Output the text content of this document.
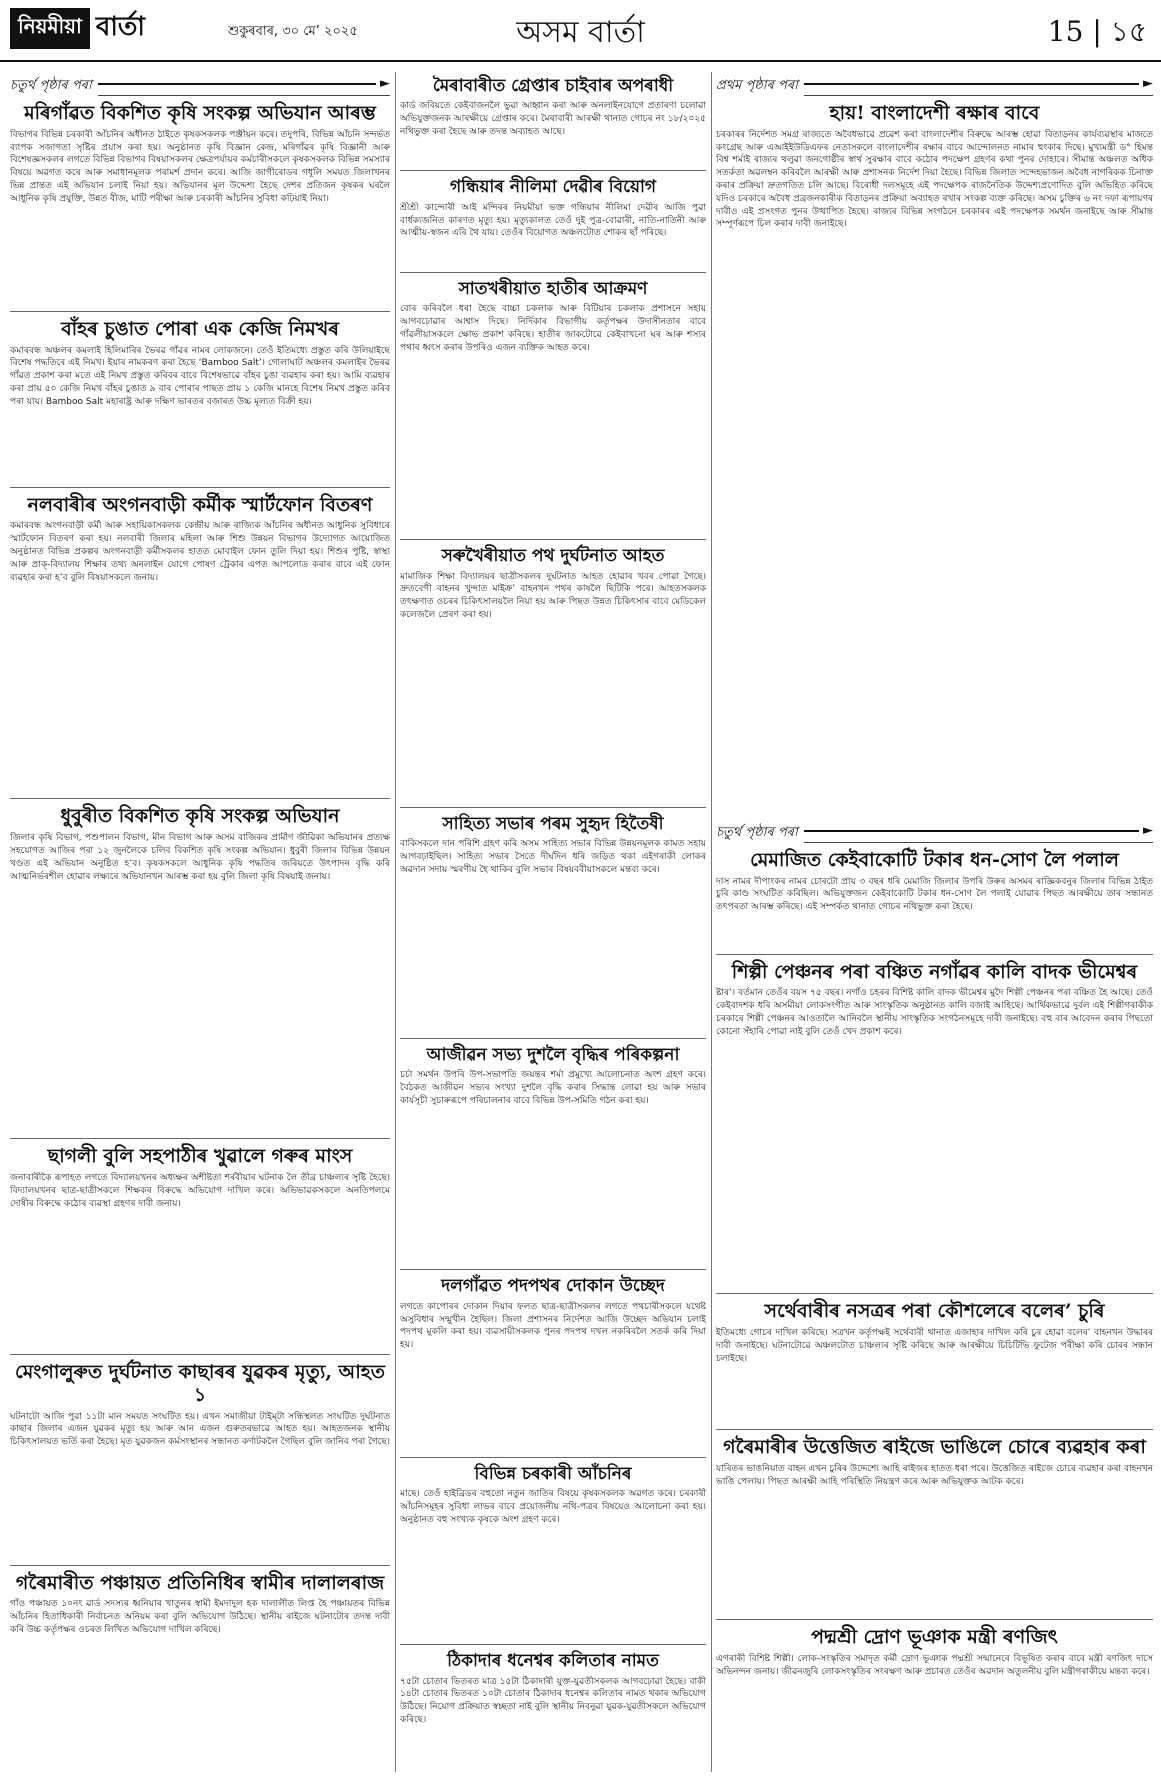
নিয়মীয়া বাৰ্তা	শুকুৰবাৰ, ৩০ মে’ ২০২৫	অসম বাৰ্তা	15 | ১৫
চতুৰ্থ পৃষ্ঠাৰ পৰা	►
মৰিগাঁৱত বিকশিত কৃষি সংকল্প অভিযান আৰম্ভ
বিভাগৰ বিভিন্ন চৰকাৰী আঁচনিৰ অধীনত ঠাইতে কৃষকসকলক পঞ্জীয়ন কৰে। তদুপৰি, বিভিন্ন আঁচনি সন্দৰ্ভত ব্যাপক সজাগতা সৃষ্টিৰ প্ৰয়াস কৰা হয়। অনুষ্ঠানত কৃষি বিজ্ঞান কেন্দ্ৰ, মৰিগাঁৱৰ কৃষি বিজ্ঞানী আৰু বিশেষজ্ঞসকলৰ লগতে বিভিন্ন বিভাগৰ বিষয়াসকলৰ ক্ষেত্ৰপৰ্যায়ৰ কৰ্মচাৰীসকলে কৃষকসকলক বিভিন্ন সমস্যাৰ বিষয়ে অৱগত কৰে আৰু সমাধানমূলক পৰামৰ্শ প্ৰদান কৰে। আজি জাগীৰোডৰ গধূলি সময়ত জিলাখনৰ ভিন্ন প্ৰান্তত এই অভিযান চলাই নিয়া হয়। অভিযানৰ মূল উদ্দেশ্য হৈছে দেশৰ প্ৰতিজন কৃষকৰ ঘৰলৈ আধুনিক কৃষি প্ৰযুক্তি, উন্নত বীজ, মাটি পৰীক্ষা আৰু চৰকাৰী আঁচনিৰ সুবিধা কঢ়িয়াই নিয়া।
বাঁহৰ চুঙাত পোৰা এক কেজি নিমখৰ
কমাৰবন্ধ অঞ্চলৰ কমলাই হিলিমাৰিৰ ভৈৰৱ গাঁৱৰ নামৰ লোকজনে। তেওঁ ইতিমধ্যে প্ৰস্তুত কৰি উলিয়াইছে বিশেষ পদ্ধতিৰে এই নিমখ। ইয়াৰ নামকৰণ কৰা হৈছে ‘Bamboo Salt’। গোলাঘাট অঞ্চলৰ কমলাইৰ ভৈৰৱ গাঁৱত প্ৰকাশ কৰা মতে এই নিমখ প্ৰস্তুত কৰিবৰ বাবে বিশেষভাৱে বাঁহৰ চুঙা ব্যৱহাৰ কৰা হয়। আমি ব্যৱহাৰ কৰা প্ৰায় ৫০ কেজি নিমখ বাঁহৰ চুঙাত ৯ বাৰ পোৰাৰ পাছত প্ৰায় ১ কেজি মানহে বিশেষ নিমখ প্ৰস্তুত কৰিব পৰা যায়। Bamboo Salt মহাৰাষ্ট্ৰ আৰু দক্ষিণ ভাৰতৰ বজাৰত উচ্চ মূল্যত বিক্ৰী হয়।
নলবাৰীৰ অংগনবাড়ী কৰ্মীক স্মাৰ্টফোন বিতৰণ
কমাৰবন্ধ অংগনবাড়ী কৰ্মী আৰু সহায়িকাসকলক কেন্দ্ৰীয় আৰু ৰাজ্যিক আঁচনিৰ অধীনত আধুনিক সুবিধাৰে স্মাৰ্টফোন বিতৰণ কৰা হয়। নলবাৰী জিলাৰ মহিলা আৰু শিশু উন্নয়ন বিভাগৰ উদ্যোগত আয়োজিত অনুষ্ঠানত বিভিন্ন প্ৰকল্পৰ অংগনবাড়ী কৰ্মীসকলৰ হাতত মোবাইল ফোন তুলি দিয়া হয়। শিশুৰ পুষ্টি, স্বাস্থ্য আৰু প্ৰাক্‌-বিদ্যালয় শিক্ষাৰ তথ্য অনলাইন যোগে পোষণ ট্ৰেকাৰ এপত আপলোড কৰাৰ বাবে এই ফোন ব্যৱহাৰ কৰা হ’ব বুলি বিষয়াসকলে জনায়।
ধুবুৰীত বিকশিত কৃষি সংকল্প অভিযান
জিলাৰ কৃষি বিভাগ, পশুপালন বিভাগ, মীন বিভাগ আৰু অসম বাজিকৰ প্ৰামীণ জীৱিকা অভিযানৰ প্ৰত্যক্ষ সহযোগত আজিৰ পৰা ১২ জুনলৈকে চলিব বিকশিত কৃষি সংকল্প অভিযান। ধুবুৰী জিলাৰ বিভিন্ন উন্নয়ন খণ্ডত এই অভিযান অনুষ্ঠিত হ’ব। কৃষকসকলে আধুনিক কৃষি পদ্ধতিৰ জৰিয়তে উৎপাদন বৃদ্ধি কৰি আত্মনিৰ্ভৰশীল হোৱাৰ লক্ষ্যৰে অভিযানখন আৰম্ভ কৰা হয় বুলি জিলা কৃষি বিষয়াই জনায়।
ছাগলী বুলি সহপাঠীৰ খুৱালে গৰুৰ মাংস
জনাবাৰীকৈ ৰূপাহত লগতে বিদ্যালয়খনৰ অধ্যক্ষৰ অশীষ্টতা শৰ্ৰবীয়াৰ ঘটনাক লৈ তীব্ৰ চাঞ্চল্যৰ সৃষ্টি হৈছে। বিদ্যালয়খনৰ ছাত্ৰ-ছাত্ৰীসকলে শিক্ষকৰ বিৰুদ্ধে অভিযোগ দাখিল কৰে। অভিভাৱকসকলে অনতিপলমে দোষীৰ বিৰুদ্ধে কঠোৰ ব্যৱস্থা গ্ৰহণৰ দাবী জনায়।
মেংগালুৰুত দুৰ্ঘটনাত কাছাৰৰ যুৱকৰ মৃত্যু, আহত ১
ঘটনাটো আজি পুৱা ১১টা মান সময়ত সংঘটিত হয়। এখন সমাজীয়া টাইম্‌টা সন্ধিস্থলত সংঘটিত দুৰ্ঘটনাত কাছাৰ জিলাৰ এজন যুৱকৰ মৃত্যু হয় আৰু আন এজন গুৰুতৰভাৱে আহত হয়। আহতজনক স্থানীয় চিকিৎসালয়ত ভৰ্তি কৰা হৈছে। মৃত যুৱকজন কৰ্মসংস্থানৰ সন্ধানত কৰ্ণাটকলৈ গৈছিল বুলি জানিব পৰা গৈছে।
গৰৈমাৰীত পঞ্চায়ত প্ৰতিনিধিৰ স্বামীৰ দালালৰাজ
গাঁও পঞ্চায়ত ১০নং ৱাৰ্ড সদস্যৰ ধ্বনিয়াৰ খাতুনৰ স্বামী ইমদাদুল হক দালালীত লিপ্ত হৈ পঞ্চায়তৰ বিভিন্ন আঁচনিৰ হিতাধিকাৰী নিৰ্বাচনত অনিয়ম কৰা বুলি অভিযোগ উঠিছে। স্থানীয় ৰাইজে ঘটনাটোৰ তদন্ত দাবী কৰি উচ্চ কৰ্তৃপক্ষৰ ওচৰত লিখিত অভিযোগ দাখিল কৰিছে।
মৈৰাবাৰীত গ্ৰেপ্তাৰ চাইবাৰ অপৰাধী
কাৰ্ড জবিয়তে কেইবাজনলৈ ভুৱা আহ্বান কৰা আৰু অনলাইনযোগে প্ৰতাৰণা চলোৱা অভিযুক্তজনক আৰক্ষীয়ে গ্ৰেপ্তাৰ কৰে। মৈৰাবাৰী আৰক্ষী থানাত গোচৰ নং ১৮/২০২৫ নথিভুক্ত কৰা হৈছে আৰু তদন্ত অব্যাহত আছে।
গন্ধিয়াৰ নীলিমা দেৱীৰ বিয়োগ
শ্ৰীশ্ৰী কান্দোৰী আই মন্দিৰৰ নিয়মীয়া ভক্ত গন্ধিয়াৰ নীলিমা দেৱীৰ আজি পুৱা বাৰ্ধক্যজনিত কাৰণত মৃত্যু হয়। মৃত্যুকালত তেওঁ দুই পুত্ৰ-বোৱাৰী, নাতি-নাতিনী আৰু আত্মীয়-স্বজন এৰি থৈ যায়। তেওঁৰ বিয়োগত অঞ্চলটোত শোকৰ ছাঁ পৰিছে।
সাতখৰীয়াত হাতীৰ আক্ৰমণ
বোৰ কৰিবলৈ ধৰা হৈছে বাচ্চা চকলাক আৰু বিটিয়াৰ চকলাক প্ৰশাসনে সহায় আগবঢ়োৱাৰ আশ্বাস দিছে। নিৰ্দিকাৰ বিভাগীয় কৰ্তৃপক্ষৰ উদাসীনতাৰ বাবে গাঁৱলীয়াসকলে ক্ষোভ প্ৰকাশ কৰিছে। হাতীৰ জাকটোৱে কেইবাখনো ঘৰ আৰু শস্যৰ পথাৰ ধ্বংস কৰাৰ উপৰিও এজন ব্যক্তিক আহত কৰে।
সৰুখৈৰীয়াত পথ দুৰ্ঘটনাত আহত
মামাজিক শিক্ষা বিদ্যালয়ৰ ছাত্ৰীসকলৰ দুৰ্ঘটনাত আহত হোৱাৰ খবৰ পোৱা গৈছে। দ্ৰুতবেগী বাহনৰ খুন্দাত মাইক্ৰ’ বাহনখন পথৰ কাষলৈ ছিটিকি পৰে। আহতসকলক তৎক্ষণাত ওচৰৰ চিকিৎসালয়লৈ নিয়া হয় আৰু পিছত উন্নত চিকিৎসাৰ বাবে মেডিকেল কলেজলৈ প্ৰেৰণ কৰা হয়।
সাহিত্য সভাৰ পৰম সুহৃদ হিতৈষী
বাকিসকলে দান পৰিশি গ্ৰহণ কৰি অসম সাহিত্য সভাৰ বিভিন্ন উন্নয়নমূলক কামত সহায় আগবঢ়াইছিল। সাহিত্য সভাৰ সৈতে দীৰ্ঘদিন ধৰি জড়িত থকা এইগৰাকী লোকৰ অৱদান সদায় স্মৰণীয় হৈ থাকিব বুলি সভাৰ বিষয়ববীয়াসকলে মন্তব্য কৰে।
আজীৱন সভ্য দুশলৈ বৃদ্ধিৰ পৰিকল্পনা
চৰ্চা সমৰ্থন উপৰি উপ-সভাপতি জয়ন্তৰ শৰ্মা প্ৰমুখ্যে আলোচনাত অংশ গ্ৰহণ কৰে। বৈঠকত আজীৱন সভ্যৰ সংখ্যা দুশলৈ বৃদ্ধি কৰাৰ সিদ্ধান্ত লোৱা হয় আৰু সভাৰ কাৰ্যসূচী সুচাৰুৰূপে পৰিচালনাৰ বাবে বিভিন্ন উপ-সমিতি গঠন কৰা হয়।
দলগাঁৱত পদপথৰ দোকান উচ্ছেদ
লগতে কাপোৰৰ দোকান দিয়াৰ ফলত ছাত্ৰ-ছাত্ৰীসকলৰ লগতে পথচাৰীসকলে যথেষ্ট অসুবিধাৰ সন্মুখীন হৈছিল। জিলা প্ৰশাসনৰ নিৰ্দেশত আজি উচ্ছেদ অভিযান চলাই পদপথ মুকলি কৰা হয়। ব্যৱসায়ীসকলক পুনৰ পদপথ দখল নকৰিবলৈ সতৰ্ক কৰি দিয়া হয়।
বিভিন্ন চৰকাৰী আঁচনিৰ
মাছে। তেওঁ হাইব্ৰিডৰ বহুতো নতুন জাতিৰ বিষয়ে কৃষকসকলক অৱগত কৰে। চৰকাৰী আঁচনিসমূহৰ সুবিধা লাভৰ বাবে প্ৰয়োজনীয় নথি-পত্ৰৰ বিষয়েও আলোচনা কৰা হয়। অনুষ্ঠানত বহু সংখ্যক কৃষকে অংশ গ্ৰহণ কৰে।
ঠিকাদাৰ ধনেশ্বৰ কলিতাৰ নামত
৭৫টা চোতাৰ ভিতৰত মাত্ৰ ১৫টা ঠিকাদাৰী যুক্ত-যুৱতীসকলক আগবঢ়োৱা হৈছে। বাকী ১৪টা চোতাৰ ভিতৰত ১০টা চোতাৰ ঠিকাদাৰ ধনেশ্বৰ কলিতাৰ নামত থকাৰ অভিযোগ উঠিছে। নিয়োগ প্ৰক্ৰিয়াত স্বচ্ছতা নাই বুলি স্থানীয় নিবনুৱা যুৱক-যুৱতীসকলে অভিযোগ কৰিছে।
প্ৰথম পৃষ্ঠাৰ পৰা	►
হায়! বাংলাদেশী ৰক্ষাৰ বাবে
চৰকাৰৰ নিৰ্দেশত সমগ্ৰ ৰাজ্যতে অবৈধভাৱে প্ৰৱেশ কৰা বাংলাদেশীৰ বিৰুদ্ধে আৰম্ভ হোৱা বিতাড়নৰ কাৰ্যব্যৱস্থাৰ মাজতে কংগ্ৰেছ আৰু এআইইউডিএফৰ নেতাসকলে বাংলাদেশীৰ ৰক্ষাৰ বাবে আন্দোলনত নামাৰ হুংকাৰ দিছে। মুখ্যমন্ত্ৰী ড° হিমন্ত বিশ্ব শৰ্মাই ৰাজ্যৰ থলুৱা জনগোষ্ঠীৰ স্বাৰ্থ সুৰক্ষাৰ বাবে কঠোৰ পদক্ষেপ গ্ৰহণৰ কথা পুনৰ দোহাৰে। সীমান্ত অঞ্চলত অধিক সতৰ্কতা অৱলম্বন কৰিবলৈ আৰক্ষী আৰু প্ৰশাসনক নিৰ্দেশ দিয়া হৈছে। বিভিন্ন জিলাত সন্দেহভাজন অবৈধ নাগৰিকক চিনাক্ত কৰাৰ প্ৰক্ৰিয়া দ্ৰুতগতিত চলি আছে। বিৰোধী দলসমূহে এই পদক্ষেপক ৰাজনৈতিক উদ্দেশ্যপ্ৰণোদিত বুলি অভিহিত কৰিছে যদিও চৰকাৰে অবৈধ প্ৰব্ৰজনকাৰীক বিতাড়নৰ প্ৰক্ৰিয়া অব্যাহত ৰখাৰ সংকল্প ব্যক্ত কৰিছে। অসম চুক্তিৰ ৬ নং দফা ৰূপায়ণৰ দাবীও এই প্ৰসংগত পুনৰ উত্থাপিত হৈছে। ৰাজ্যৰ বিভিন্ন সংগঠনে চৰকাৰৰ এই পদক্ষেপক সমৰ্থন জনাইছে আৰু সীমান্ত সম্পূৰ্ণৰূপে চিল কৰাৰ দাবী জনাইছে।
চতুৰ্থ পৃষ্ঠাৰ পৰা	►
মেমাজিত কেইবাকোটি টকাৰ ধন-সোণ লৈ পলাল
দাস নামৰ দীপাংকৰ নামৰ চোৰটো প্ৰায় ৩ বছৰ ধৰি মেমাজি জিলাৰ উপৰি উৰুৰ অসমৰ ৰাজ্ঞিকবনুৰ জিলাৰ বিভিন্ন ঠাইত চুৰি কাণ্ড সংঘটিত কৰিছিল। অভিযুক্তজন কেইবাকোটি টকাৰ ধন-সোণ লৈ পলাই যোৱাৰ পিছত আৰক্ষীয়ে তাৰ সন্ধানত তৎপৰতা আৰম্ভ কৰিছে। এই সম্পৰ্কত থানাত গোচৰ নথিভুক্ত কৰা হৈছে।
শিল্পী পেঞ্চনৰ পৰা বঞ্চিত নগাঁৱৰ কালি বাদক ভীমেশ্বৰ
ষ্টাৰ’। বৰ্তমান তেওঁৰ বয়স ৭৫ বছৰ। নগাঁও চহৰৰ বিশিষ্ট কালি বাদক ভীমেশ্বৰ মুদৈ শিল্পী পেঞ্চনৰ পৰা বঞ্চিত হৈ আছে। তেওঁ কেইবাদশক ধৰি অসমীয়া লোকসংগীত আৰু সাংস্কৃতিক অনুষ্ঠানত কালি বজাই আহিছে। আৰ্থিকভাৱে দুৰ্বল এই শিল্পীগৰাকীক চৰকাৰে শিল্পী পেঞ্চনৰ আওতালৈ আনিবলৈ স্থানীয় সাংস্কৃতিক সংগঠনসমূহে দাবী জনাইছে। বহু বাৰ আবেদন কৰাৰ পিছতো কোনো সঁহাৰি পোৱা নাই বুলি তেওঁ খেদ প্ৰকাশ কৰে।
সৰ্থেবাৰীৰ নসত্ৰৰ পৰা কৌশলেৰে বলেৰ’ চুৰি
ইতিমধ্যে গোচৰ দাখিল কৰিছে। সত্ৰখন কৰ্তৃপক্ষই সৰ্থেবাৰী থানাত এজাহাৰ দাখিল কৰি চুৰ হোৱা বলেৰ’ বাহনখন উদ্ধাৰৰ দাবী জনাইছে। ঘটনাটোৱে অঞ্চলটোত চাঞ্চল্যৰ সৃষ্টি কৰিছে আৰু আৰক্ষীয়ে চিচিটিভি ফুটেজ পৰীক্ষা কৰি চোৰৰ সন্ধান চলাইছে।
গৰৈমাৰীৰ উত্তেজিত ৰাইজে ভাঙিলে চোৰে ব্যৱহাৰ কৰা
যাৰিতৰ ভাঙনিয়াত বাহন এখন চুৰিৰ উদ্দেশ্যে আহি ৰাইজৰ হাতত ধৰা পৰে। উত্তেজিত ৰাইজে চোৰে ব্যৱহাৰ কৰা বাহনখন ভাঙি পেলায়। পিছত আৰক্ষী আহি পৰিস্থিতি নিয়ন্ত্ৰণ কৰে আৰু অভিযুক্তক আটক কৰে।
পদ্মশ্ৰী দ্ৰোণ ভূঞাক মন্ত্ৰী ৰণজিৎ
এগৰাকী বিশিষ্ট শিল্পী। লোক-সংস্কৃতিৰ সমাদৃত কৰ্মী দ্ৰোণ ভূঞাক পদ্মশ্ৰী সন্মানেৰে বিভূষিত কৰাৰ বাবে মন্ত্ৰী ৰণজিৎ দাসে অভিনন্দন জনায়। জীৱনজুৰি লোকসংস্কৃতিৰ সংৰক্ষণ আৰু প্ৰচাৰত তেওঁৰ অৱদান অতুলনীয় বুলি মন্ত্ৰীগৰাকীয়ে মন্তব্য কৰে।
